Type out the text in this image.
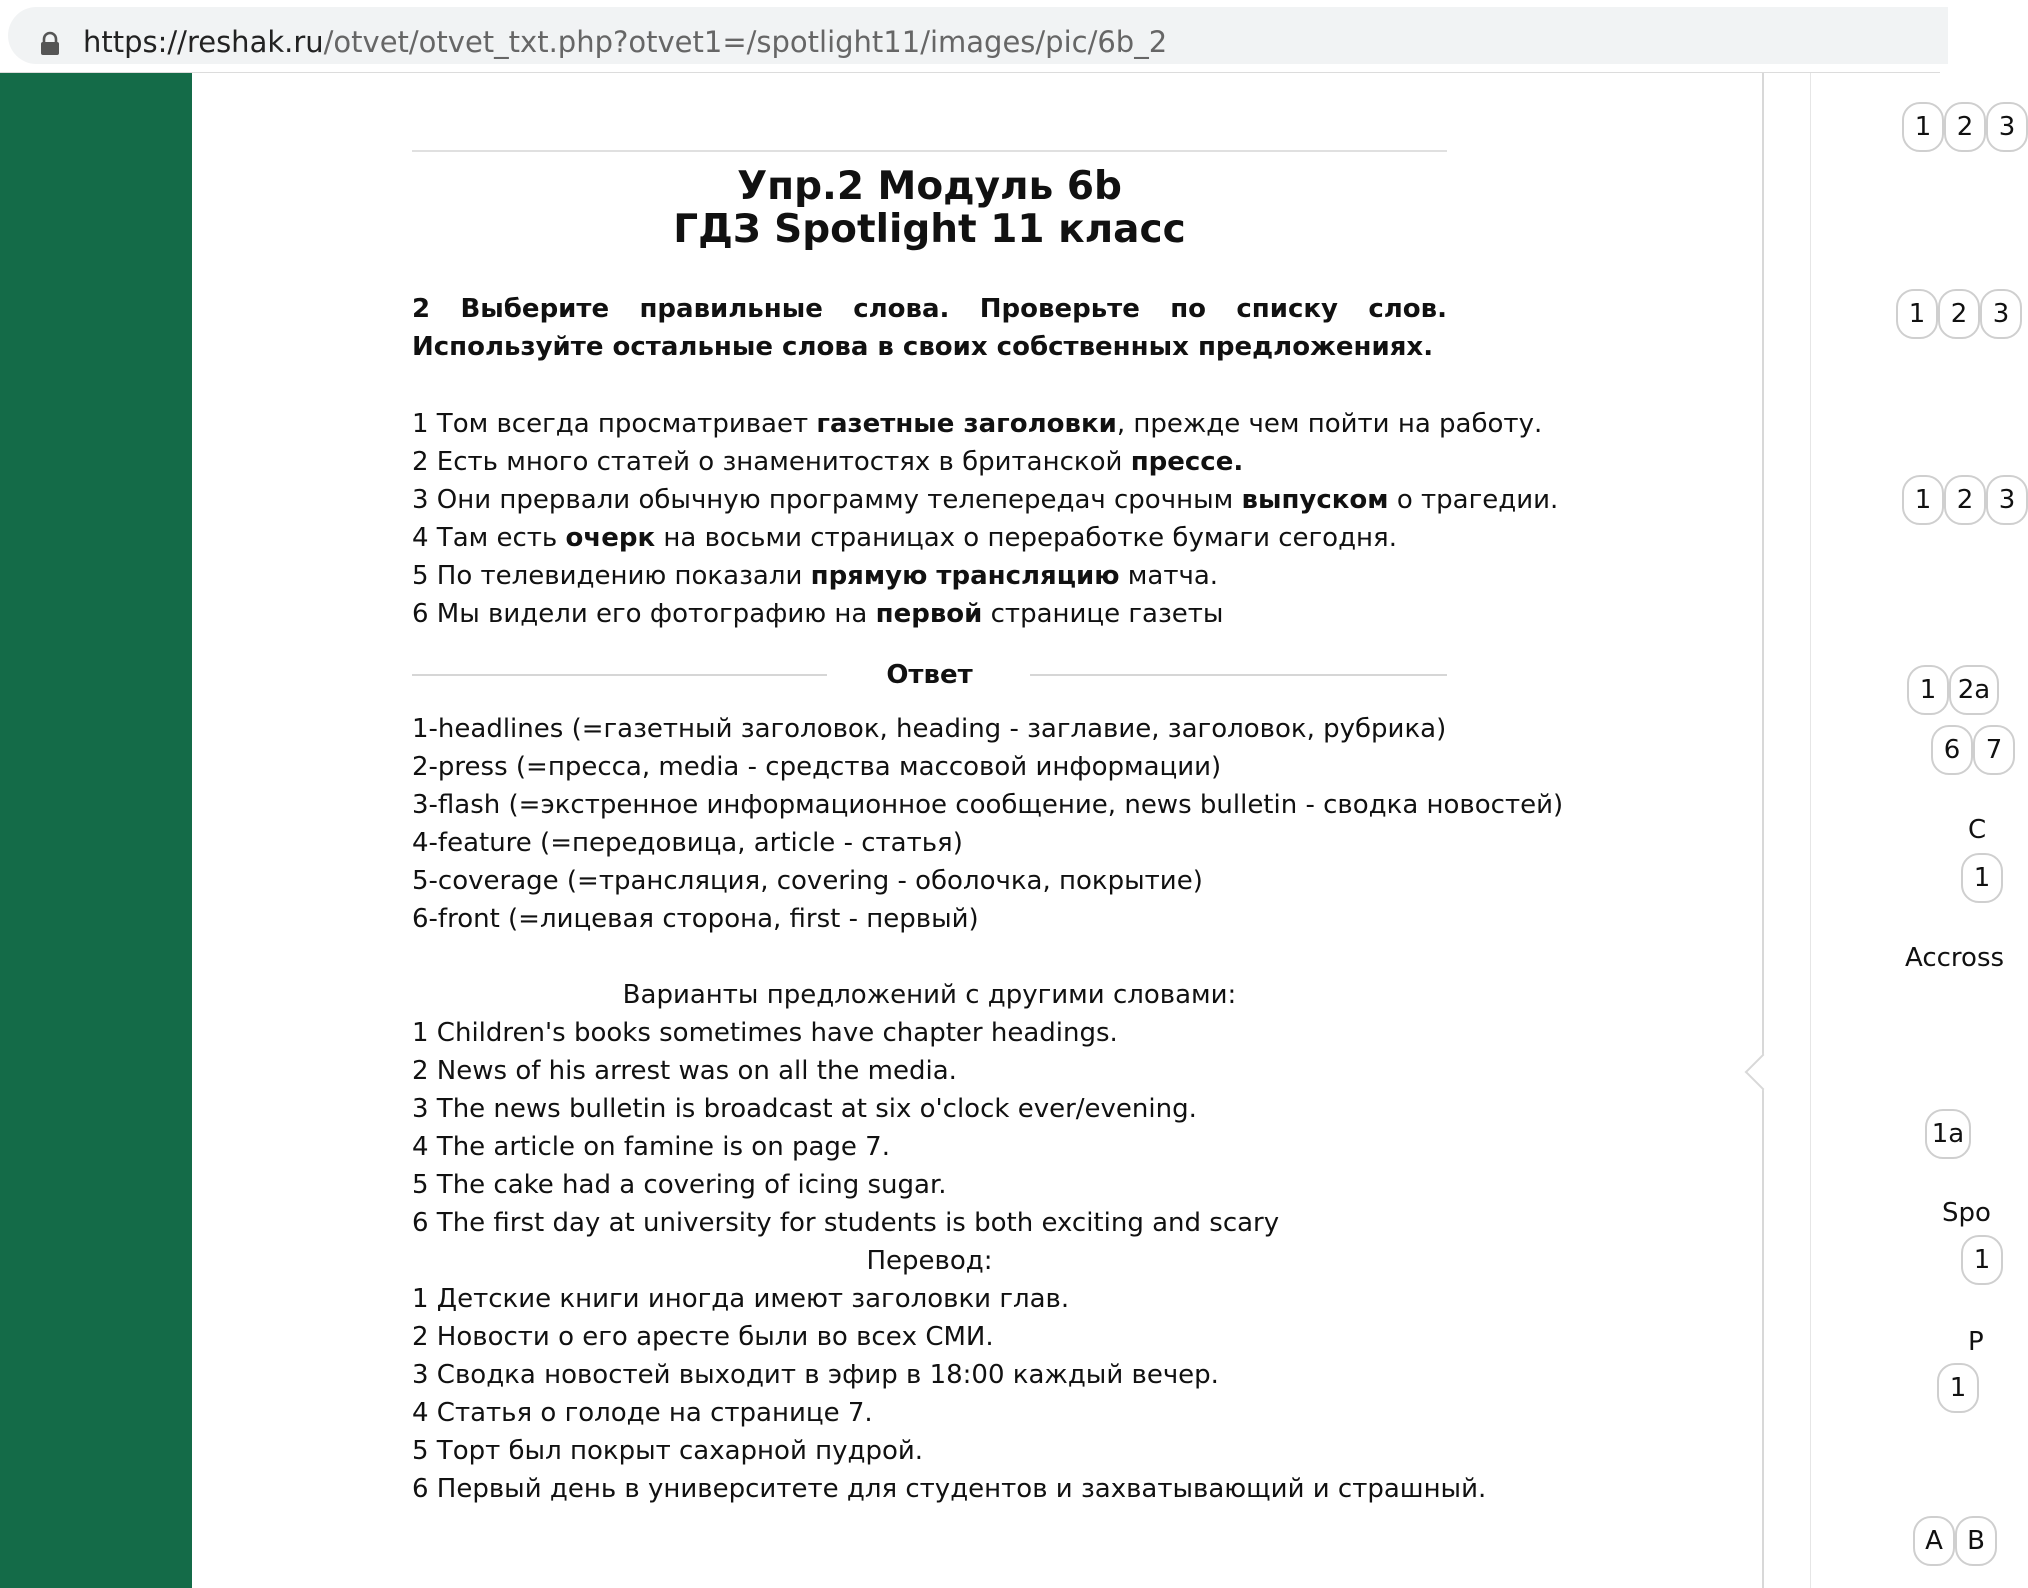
https://reshak.ru/otvet/otvet_txt.php?otvet1=/spotlight11/images/pic/6b_2
Упр.2 Модуль 6b
ГДЗ Spotlight 11 класс
2 Выберите правильные слова. Проверьте по списку слов. Используйте остальные слова в своих собственных предложениях.
1 Том всегда просматривает газетные заголовки, прежде чем пойти на работу.
2 Есть много статей о знаменитостях в британской прессе.
3 Они прервали обычную программу телепередач срочным выпуском о трагедии.
4 Там есть очерк на восьми страницах о переработке бумаги сегодня.
5 По телевидению показали прямую трансляцию матча.
6 Мы видели его фотографию на первой странице газеты
Ответ
1-headlines (=газетный заголовок, heading - заглавие, заголовок, рубрика)
2-press (=пресса, media - средства массовой информации)
3-flash (=экстренное информационное сообщение, news bulletin - сводка новостей)
4-feature (=передовица, article - статья)
5-coverage (=трансляция, covering - оболочка, покрытие)
6-front (=лицевая сторона, first - первый)
Варианты предложений с другими словами:
1 Children's books sometimes have chapter headings.
2 News of his arrest was on all the media.
3 The news bulletin is broadcast at six o'clock ever/evening.
4 The article on famine is on page 7.
5 The cake had a covering of icing sugar.
6 The first day at university for students is both exciting and scary
Перевод:
1 Детские книги иногда имеют заголовки глав.
2 Новости о его аресте были во всех СМИ.
3 Сводка новостей выходит в эфир в 18:00 каждый вечер.
4 Статья о голоде на странице 7.
5 Торт был покрыт сахарной пудрой.
6 Первый день в университете для студентов и захватывающий и страшный.
1 2 3
1 2 3
1 2 3
1 2a
6 7
C
1
Accross
1a
Spo
1
P
1
A B
